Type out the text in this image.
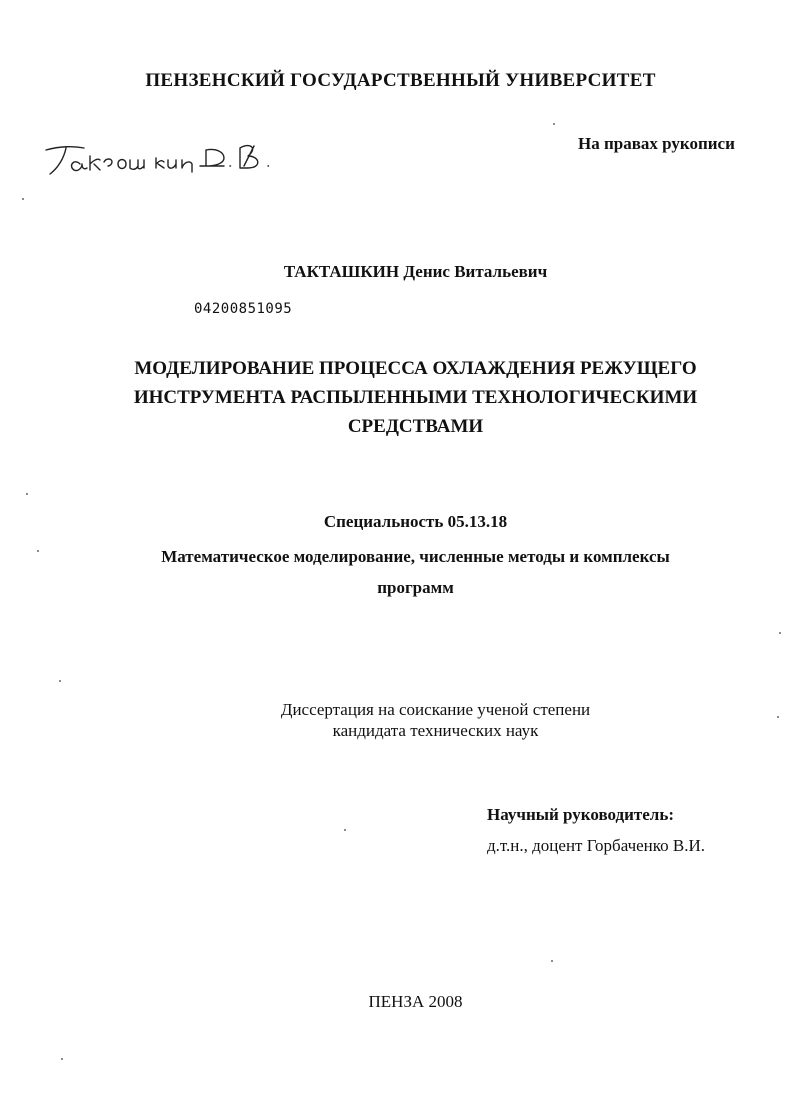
ПЕНЗЕНСКИЙ ГОСУДАРСТВЕННЫЙ УНИВЕРСИТЕТ
На правах рукописи
ТАКТАШКИН Денис Витальевич
04200851095
МОДЕЛИРОВАНИЕ ПРОЦЕССА ОХЛАЖДЕНИЯ РЕЖУЩЕГО
ИНСТРУМЕНТА РАСПЫЛЕННЫМИ ТЕХНОЛОГИЧЕСКИМИ
СРЕДСТВАМИ
Специальность 05.13.18
Математическое моделирование, численные методы и комплексы
программ
Диссертация на соискание ученой степени
кандидата технических наук
Научный руководитель:
д.т.н., доцент Горбаченко В.И.
ПЕНЗА 2008
